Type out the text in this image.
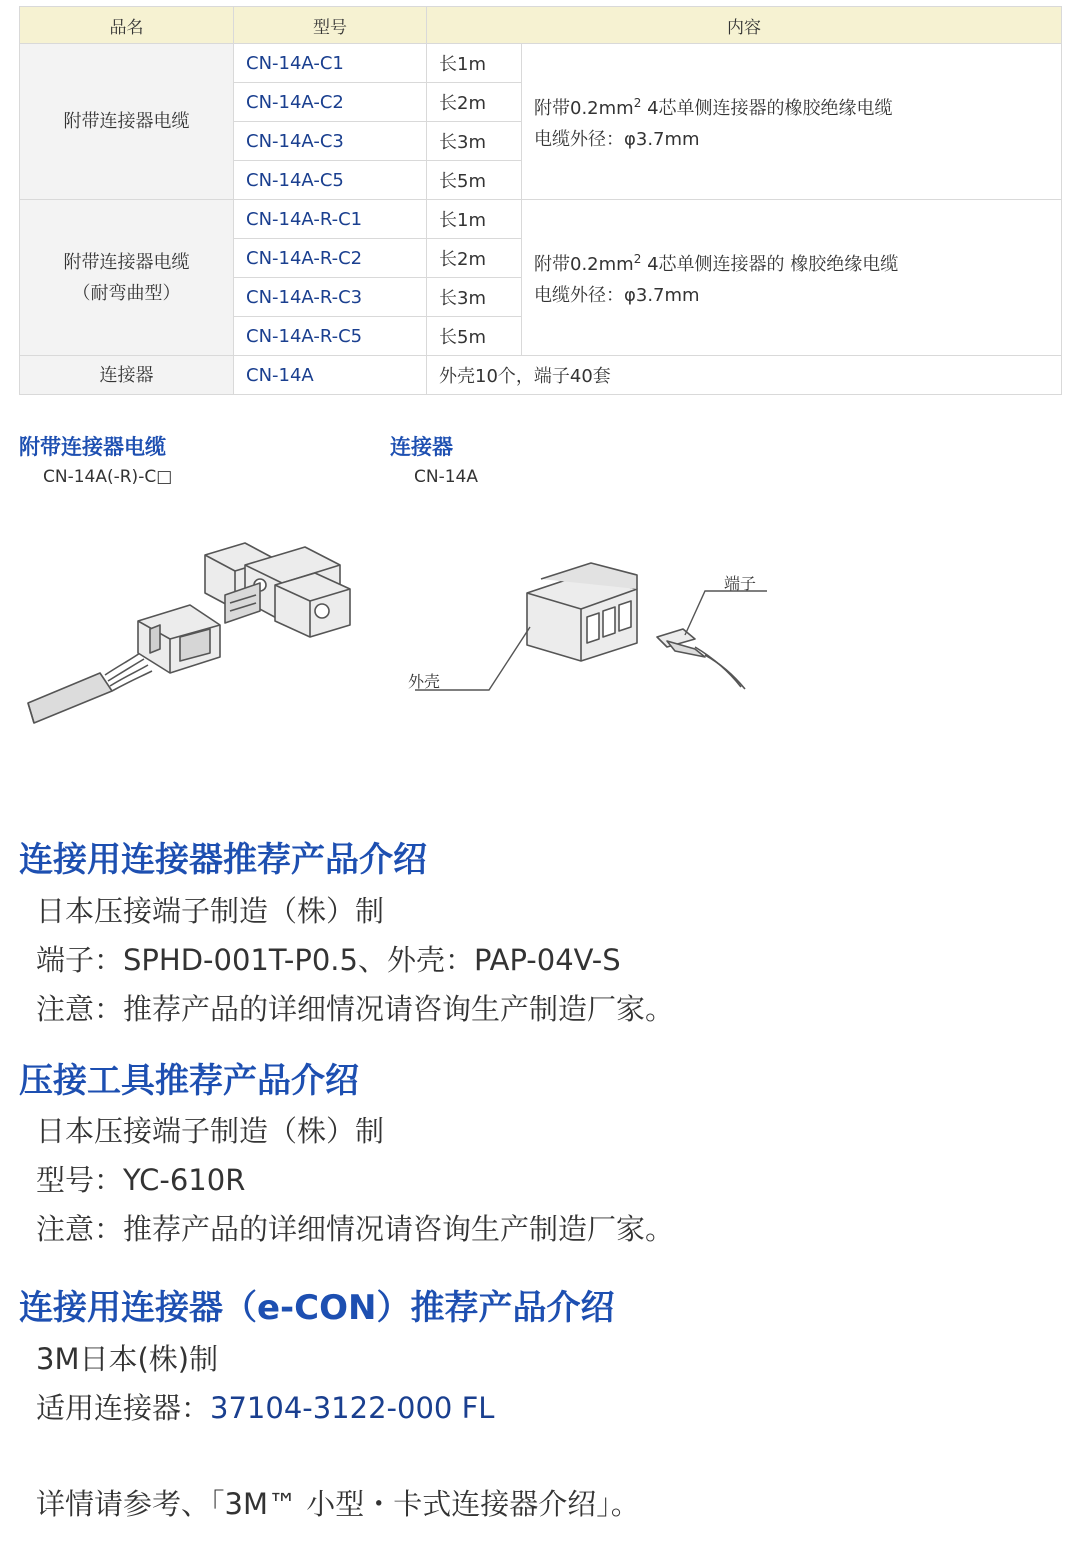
品名	型号	内容	
附带连接器电缆	CN-14A-C1	长1m	附带$0.2mm^2$ 4芯单侧连接器的橡胶绝缘电缆
电缆外径：φ3.7mm
	CN-14A-C2	长2m	
	CN-14A-C3	长3m	
	CN-14A-C5	长5m	
附带连接器电缆
（耐弯曲型）	CN-14A-R-C1	长1m	附带$0.2mm^2$ 4芯单侧连接器的 橡胶绝缘电缆
电缆外径：φ3.7mm
	CN-14A-R-C2	长2m	
	CN-14A-R-C3	长3m	
	CN-14A-R-C5	长5m	
连接器	CN-14A	外壳10个，端子40套	
附带连接器电缆
CN-14A(-R)-C□
连接器
CN-14A
外壳
端子
连接用连接器推荐产品介绍
日本压接端子制造（株）制
端子：SPHD-001T-P0.5、外壳：PAP-04V-S
注意：推荐产品的详细情况请咨询生产制造厂家。
压接工具推荐产品介绍
日本压接端子制造（株）制
型号：YC-610R
注意：推荐产品的详细情况请咨询生产制造厂家。
连接用连接器（e-CON）推荐产品介绍
3M日本(株)制
适用连接器：37104-3122-000 FL
详情请参考、「3M™ 小型・卡式连接器介绍」。
